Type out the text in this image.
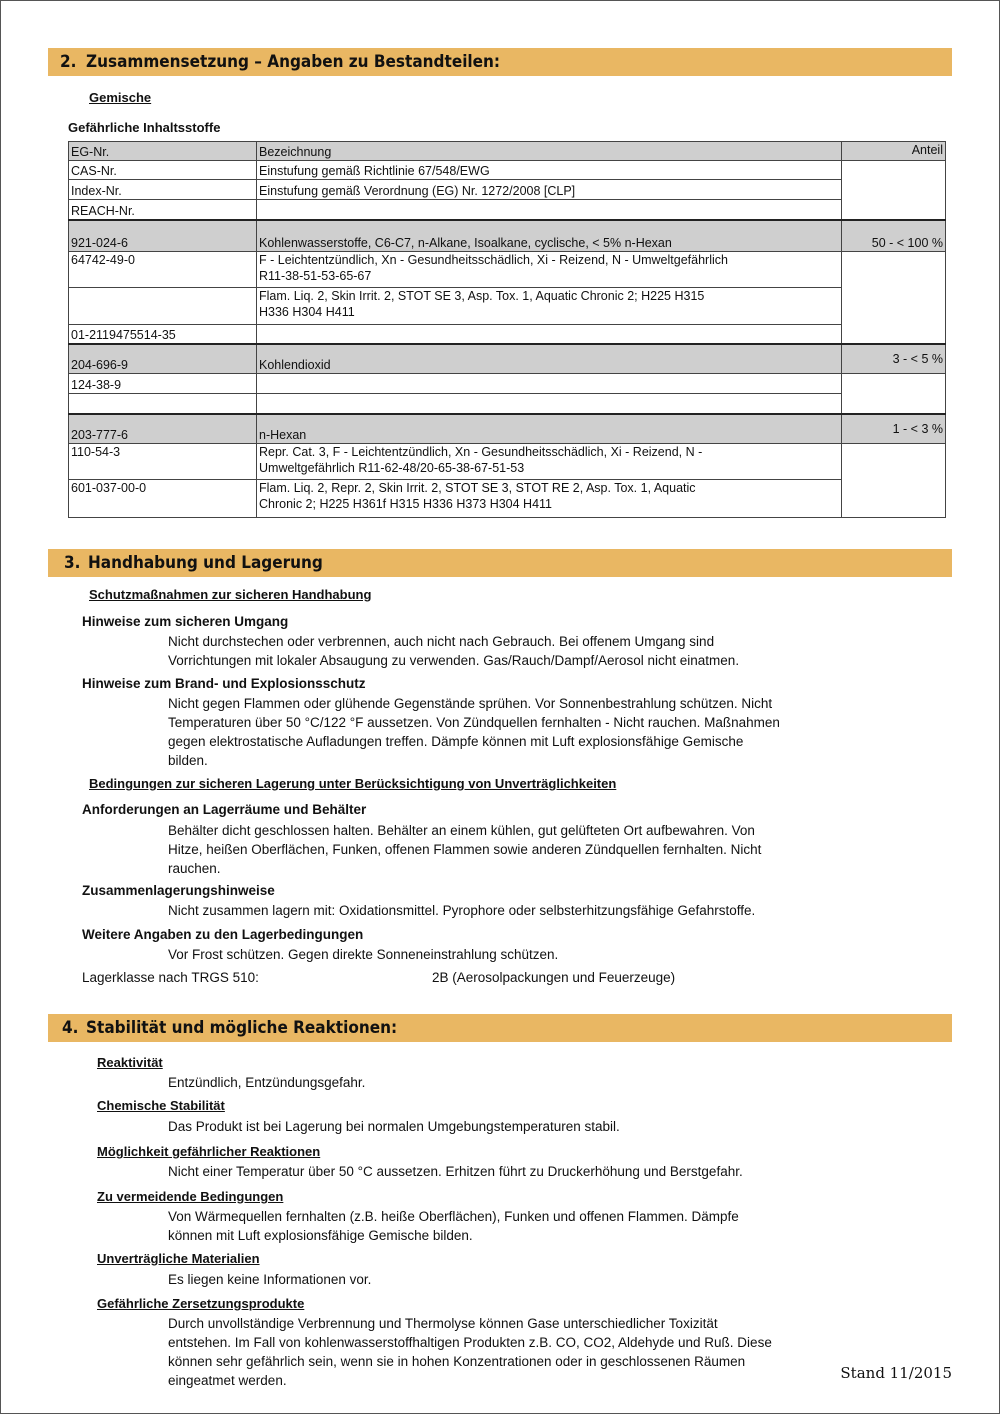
2. Zusammensetzung – Angaben zu Bestandteilen:
Gemische
Gefährliche Inhaltsstoffe
EG-Nr.	Bezeichnung	Anteil
CAS-Nr.	Einstufung gemäß Richtlinie 67/548/EWG	
Index-Nr.	Einstufung gemäß Verordnung (EG) Nr. 1272/2008 [CLP]	
REACH-Nr.		
921-024-6	Kohlenwasserstoffe, C6-C7, n-Alkane, Isoalkane, cyclische, < 5% n-Hexan	50 - < 100 %
64742-49-0	F - Leichtentzündlich, Xn - Gesundheitsschädlich, Xi - Reizend, N - Umweltgefährlich
R11-38-51-53-65-67	

	Flam. Liq. 2, Skin Irrit. 2, STOT SE 3, Asp. Tox. 1, Aquatic Chronic 2; H225 H315
H336 H304 H411	

01-2119475514-35		
204-696-9	Kohlendioxid	3 - < 5 %
124-38-9		

203-777-6	n-Hexan	1 - < 3 %
110-54-3	Repr. Cat. 3, F - Leichtentzündlich, Xn - Gesundheitsschädlich, Xi - Reizend, N -
Umweltgefährlich R11-62-48/20-65-38-67-51-53	

601-037-00-0	Flam. Liq. 2, Repr. 2, Skin Irrit. 2, STOT SE 3, STOT RE 2, Asp. Tox. 1, Aquatic
Chronic 2; H225 H361f H315 H336 H373 H304 H411	
3. Handhabung und Lagerung
Schutzmaßnahmen zur sicheren Handhabung
Hinweise zum sicheren Umgang
Nicht durchstechen oder verbrennen, auch nicht nach Gebrauch. Bei offenem Umgang sind
Vorrichtungen mit lokaler Absaugung zu verwenden. Gas/Rauch/Dampf/Aerosol nicht einatmen.
Hinweise zum Brand- und Explosionsschutz
Nicht gegen Flammen oder glühende Gegenstände sprühen. Vor Sonnenbestrahlung schützen. Nicht
Temperaturen über 50 °C/122 °F aussetzen. Von Zündquellen fernhalten - Nicht rauchen. Maßnahmen
gegen elektrostatische Aufladungen treffen. Dämpfe können mit Luft explosionsfähige Gemische
bilden.
Bedingungen zur sicheren Lagerung unter Berücksichtigung von Unverträglichkeiten
Anforderungen an Lagerräume und Behälter
Behälter dicht geschlossen halten. Behälter an einem kühlen, gut gelüfteten Ort aufbewahren. Von
Hitze, heißen Oberflächen, Funken, offenen Flammen sowie anderen Zündquellen fernhalten. Nicht
rauchen.
Zusammenlagerungshinweise
Nicht zusammen lagern mit: Oxidationsmittel. Pyrophore oder selbsterhitzungsfähige Gefahrstoffe.
Weitere Angaben zu den Lagerbedingungen
Vor Frost schützen. Gegen direkte Sonneneinstrahlung schützen.
Lagerklasse nach TRGS 510:	2B (Aerosolpackungen und Feuerzeuge)
4. Stabilität und mögliche Reaktionen:
Reaktivität
Entzündlich, Entzündungsgefahr.
Chemische Stabilität
Das Produkt ist bei Lagerung bei normalen Umgebungstemperaturen stabil.
Möglichkeit gefährlicher Reaktionen
Nicht einer Temperatur über 50 °C aussetzen. Erhitzen führt zu Druckerhöhung und Berstgefahr.
Zu vermeidende Bedingungen
Von Wärmequellen fernhalten (z.B. heiße Oberflächen), Funken und offenen Flammen. Dämpfe
können mit Luft explosionsfähige Gemische bilden.
Unverträgliche Materialien
Es liegen keine Informationen vor.
Gefährliche Zersetzungsprodukte
Durch unvollständige Verbrennung und Thermolyse können Gase unterschiedlicher Toxizität
entstehen. Im Fall von kohlenwasserstoffhaltigen Produkten z.B. CO, CO2, Aldehyde und Ruß. Diese
können sehr gefährlich sein, wenn sie in hohen Konzentrationen oder in geschlossenen Räumen
eingeatmet werden.	Stand 11/2015
